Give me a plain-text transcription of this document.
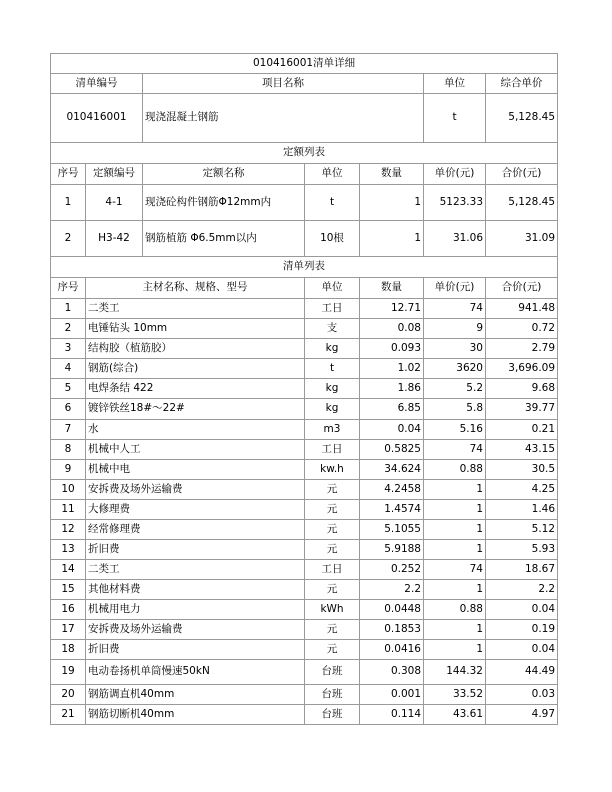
010416001清单详细						
清单编号		项目名称			单位	综合单价
010416001		现浇混凝土钢筋			t	5,128.45
定额列表						
序号	定额编号	定额名称	单位	数量	单价(元)	合价(元)
1	4-1	现浇砼构件钢筋Φ12mm内	t	1	5123.33	5,128.45
2	H3-42	钢筋植筋 Φ6.5mm以内	10根	1	31.06	31.09
清单列表						
序号	主材名称、规格、型号		单位	数量	单价(元)	合价(元)
1	二类工		工日	12.71	74	941.48
2	电锤钻头 10mm		支	0.08	9	0.72
3	结构胶（植筋胶）		kg	0.093	30	2.79
4	钢筋(综合)		t	1.02	3620	3,696.09
5	电焊条结 422		kg	1.86	5.2	9.68
6	镀锌铁丝18#～22#		kg	6.85	5.8	39.77
7	水		m3	0.04	5.16	0.21
8	机械中人工		工日	0.5825	74	43.15
9	机械中电		kw.h	34.624	0.88	30.5
10	安拆费及场外运输费		元	4.2458	1	4.25
11	大修理费		元	1.4574	1	1.46
12	经常修理费		元	5.1055	1	5.12
13	折旧费		元	5.9188	1	5.93
14	二类工		工日	0.252	74	18.67
15	其他材料费		元	2.2	1	2.2
16	机械用电力		kWh	0.0448	0.88	0.04
17	安拆费及场外运输费		元	0.1853	1	0.19
18	折旧费		元	0.0416	1	0.04
19	电动卷扬机单筒慢速50kN		台班	0.308	144.32	44.49
20	钢筋调直机40mm		台班	0.001	33.52	0.03
21	钢筋切断机40mm		台班	0.114	43.61	4.97
